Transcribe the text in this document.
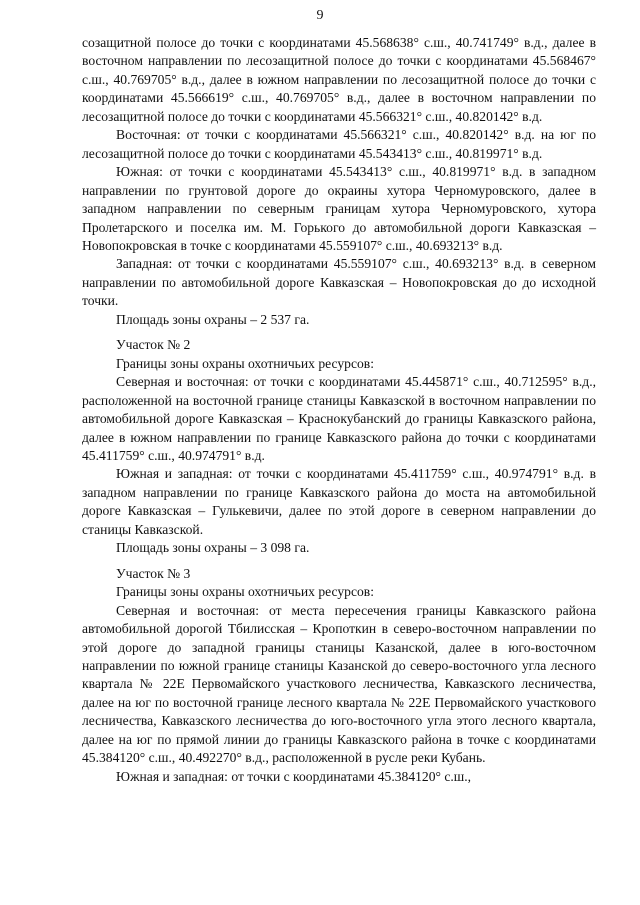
9

созащитной полосе до точки с координатами 45.568638° с.ш., 40.741749° в.д., далее в восточном направлении по лесозащитной полосе до точки с координатами 45.568467° с.ш., 40.769705° в.д., далее в южном направлении по лесозащитной полосе до точки с координатами 45.566619° с.ш., 40.769705° в.д., далее в восточном направлении по лесозащитной полосе до точки с координатами 45.566321° с.ш., 40.820142° в.д.

Восточная: от точки с координатами 45.566321° с.ш., 40.820142° в.д. на юг по лесозащитной полосе до точки с координатами 45.543413° с.ш., 40.819971° в.д.

Южная: от точки с координатами 45.543413° с.ш., 40.819971° в.д. в западном направлении по грунтовой дороге до окраины хутора Черномуровского, далее в западном направлении по северным границам хутора Черномуровского, хутора Пролетарского и поселка им. М. Горького до автомобильной дороги Кавказская – Новопокровская в точке с координатами 45.559107° с.ш., 40.693213° в.д.

Западная: от точки с координатами 45.559107° с.ш., 40.693213° в.д. в северном направлении по автомобильной дороге Кавказская – Новопокровская до до исходной точки.

Площадь зоны охраны – 2 537 га.

Участок № 2

Границы зоны охраны охотничьих ресурсов:

Северная и восточная: от точки с координатами 45.445871° с.ш., 40.712595° в.д., расположенной на восточной границе станицы Кавказской в восточном направлении по автомобильной дороге Кавказская – Краснокубанский до границы Кавказского района, далее в южном направлении по границе Кавказского района до точки с координатами 45.411759° с.ш., 40.974791° в.д.

Южная и западная: от точки с координатами 45.411759° с.ш., 40.974791° в.д. в западном направлении по границе Кавказского района до моста на автомобильной дороге Кавказская – Гулькевичи, далее по этой дороге в северном направлении до станицы Кавказской.

Площадь зоны охраны – 3 098 га.

Участок № 3

Границы зоны охраны охотничьих ресурсов:

Северная и восточная: от места пересечения границы Кавказского района автомобильной дорогой Тбилисская – Кропоткин в северо-восточном направлении по этой дороге до западной границы станицы Казанской, далее в юго-восточном направлении по южной границе станицы Казанской до северо-восточного угла лесного квартала № 22Е Первомайского участкового лесничества, Кавказского лесничества, далее на юг по восточной границе лесного квартала № 22Е Первомайского участкового лесничества, Кавказского лесничества до юго-восточного угла этого лесного квартала, далее на юг по прямой линии до границы Кавказского района в точке с координатами 45.384120° с.ш., 40.492270° в.д., расположенной в русле реки Кубань.

Южная и западная: от точки с координатами 45.384120° с.ш.,
